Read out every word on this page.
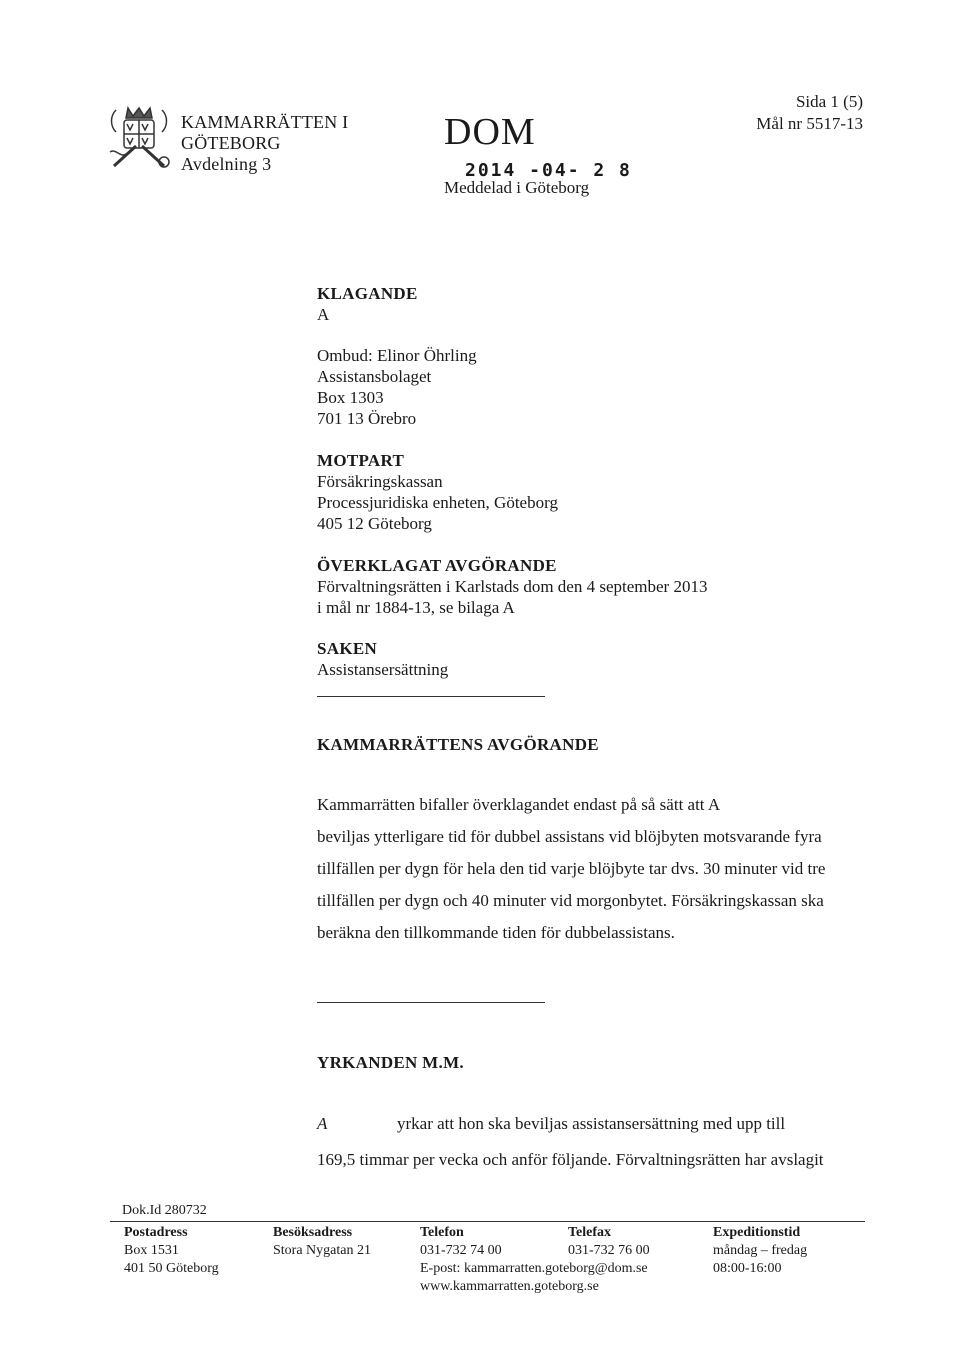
KAMMARRÄTTEN I
GÖTEBORG
Avdelning 3
DOM
2014 -04- 2 8
Meddelad i Göteborg
Sida 1 (5)
Mål nr 5517-13
KLAGANDE
A
Ombud: Elinor Öhrling
Assistansbolaget
Box 1303
701 13 Örebro
MOTPART
Försäkringskassan
Processjuridiska enheten, Göteborg
405 12 Göteborg
ÖVERKLAGAT AVGÖRANDE
Förvaltningsrätten i Karlstads dom den 4 september 2013
i mål nr 1884-13, se bilaga A
SAKEN
Assistansersättning
KAMMARRÄTTENS AVGÖRANDE
Kammarrätten bifaller överklagandet endast på så sätt att A
beviljas ytterligare tid för dubbel assistans vid blöjbyten motsvarande fyra
tillfällen per dygn för hela den tid varje blöjbyte tar dvs. 30 minuter vid tre
tillfällen per dygn och 40 minuter vid morgonbytet. Försäkringskassan ska
beräkna den tillkommande tiden för dubbelassistans.
YRKANDEN M.M.
A	yrkar att hon ska beviljas assistansersättning med upp till
169,5 timmar per vecka och anför följande. Förvaltningsrätten har avslagit
Dok.Id 280732
Postadress
Box 1531
401 50 Göteborg
Besöksadress
Stora Nygatan 21
Telefon
031-732 74 00
E-post: kammarratten.goteborg@dom.se
www.kammarratten.goteborg.se
Telefax
031-732 76 00
Expeditionstid
måndag – fredag
08:00-16:00
